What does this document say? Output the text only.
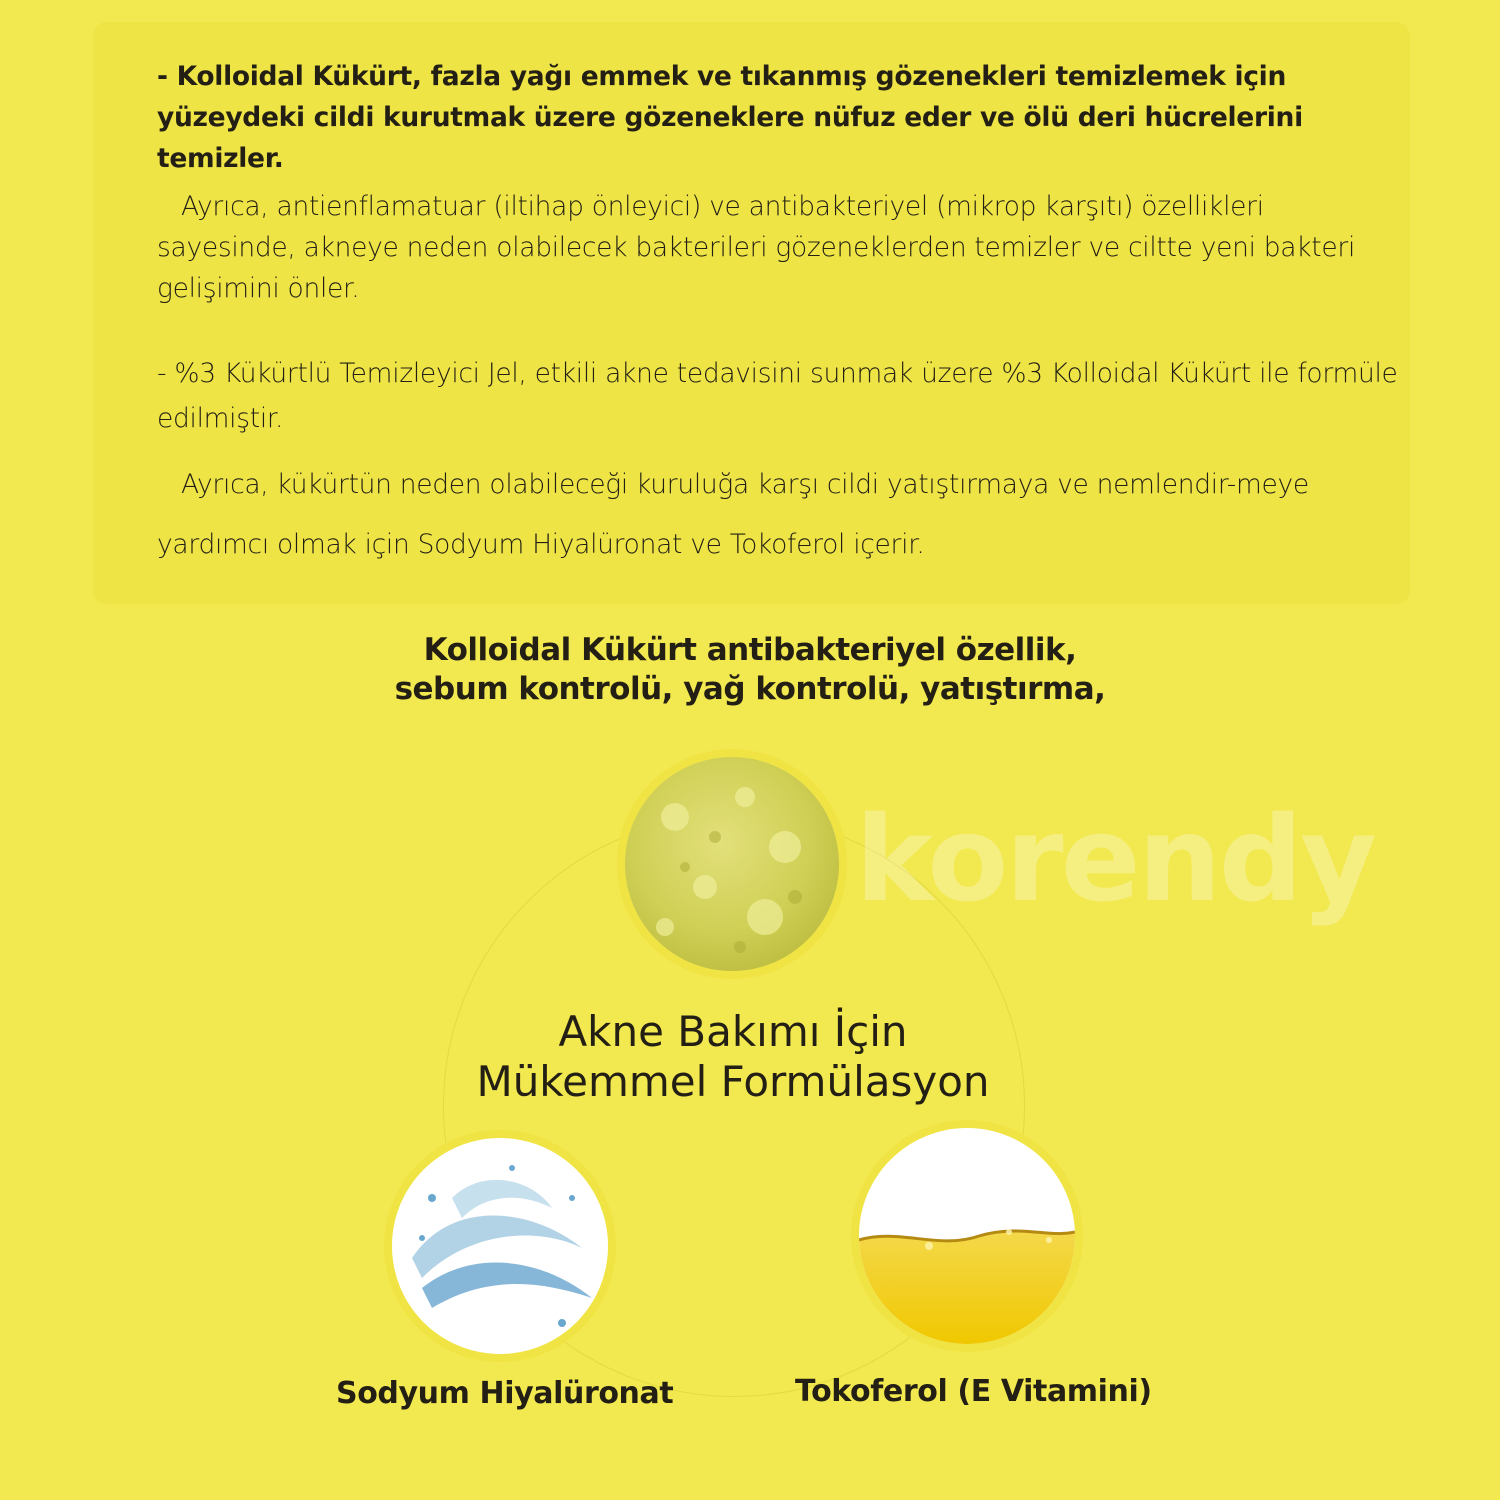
- Kolloidal Kükürt, fazla yağı emmek ve tıkanmış gözenekleri temizlemek için yüzeydeki cildi kurutmak üzere gözeneklere nüfuz eder ve ölü deri hücrelerini temizler.

Ayrıca, antienflamatuar (iltihap önleyici) ve antibakteriyel (mikrop karşıtı) özellikleri sayesinde, akneye neden olabilecek bakterileri gözeneklerden temizler ve ciltte yeni bakteri gelişimini önler.

- %3 Kükürtlü Temizleyici Jel, etkili akne tedavisini sunmak üzere %3 Kolloidal Kükürt ile formüle edilmiştir.

Ayrıca, kükürtün neden olabileceği kuruluğa karşı cildi yatıştırmaya ve nemlendir-meye yardımcı olmak için Sodyum Hiyalüronat ve Tokoferol içerir.

Kolloidal Kükürt antibakteriyel özellik,
sebum kontrolü, yağ kontrolü, yatıştırma,
korendy
Akne Bakımı İçin
Mükemmel Formülasyon
Sodyum Hiyalüronat	Tokoferol (E Vitamini)
